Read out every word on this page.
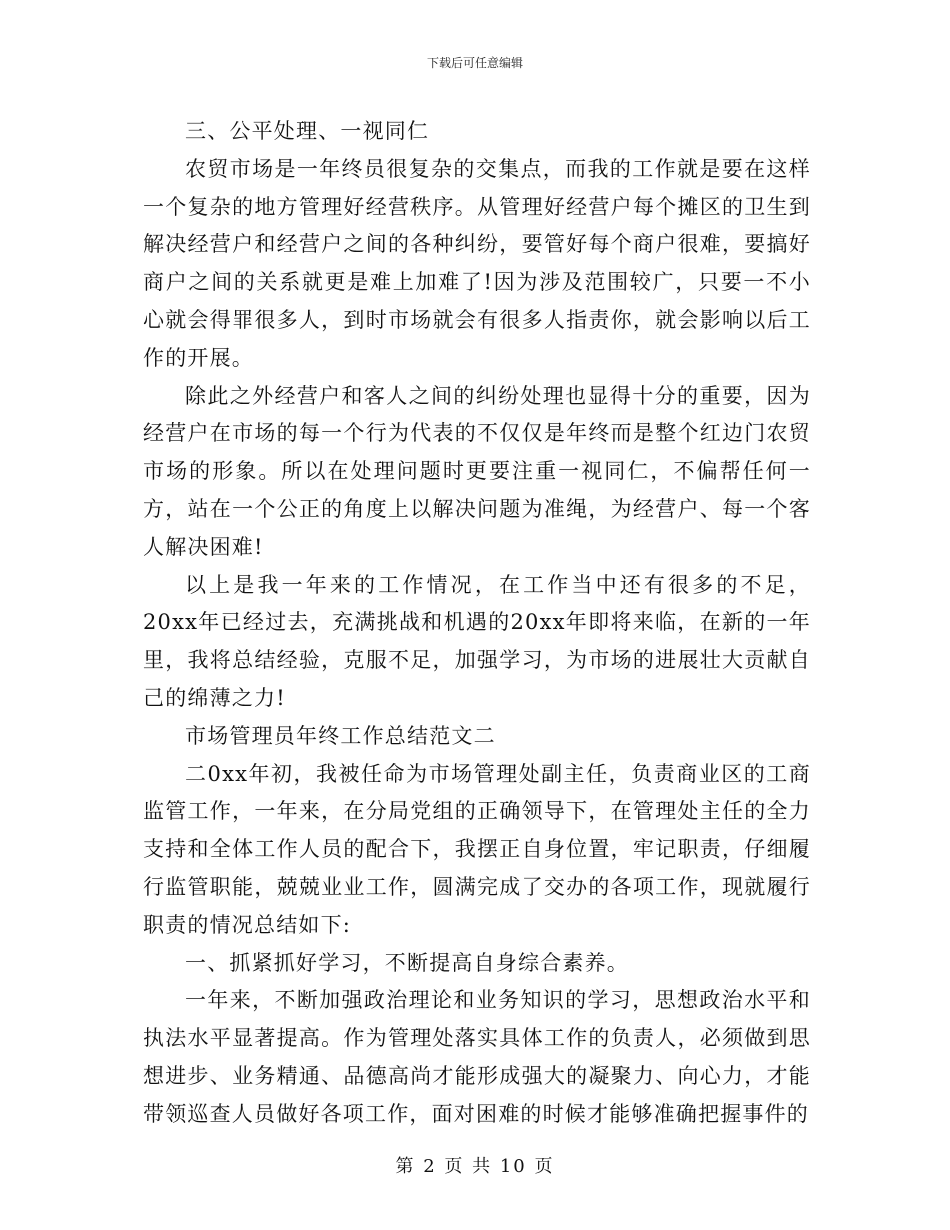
下载后可任意编辑

三、公平处理、一视同仁

农贸市场是一年终员很复杂的交集点，而我的工作就是要在这样一个复杂的地方管理好经营秩序。从管理好经营户每个摊区的卫生到解决经营户和经营户之间的各种纠纷，要管好每个商户很难，要搞好商户之间的关系就更是难上加难了!因为涉及范围较广，只要一不小心就会得罪很多人，到时市场就会有很多人指责你，就会影响以后工作的开展。

除此之外经营户和客人之间的纠纷处理也显得十分的重要，因为经营户在市场的每一个行为代表的不仅仅是年终而是整个红边门农贸市场的形象。所以在处理问题时更要注重一视同仁，不偏帮任何一方，站在一个公正的角度上以解决问题为准绳，为经营户、每一个客人解决困难!

以上是我一年来的工作情况，在工作当中还有很多的不足，20xx年已经过去，充满挑战和机遇的20xx年即将来临，在新的一年里，我将总结经验，克服不足，加强学习，为市场的进展壮大贡献自己的绵薄之力!

市场管理员年终工作总结范文二

二0xx年初，我被任命为市场管理处副主任，负责商业区的工商监管工作，一年来，在分局党组的正确领导下，在管理处主任的全力支持和全体工作人员的配合下，我摆正自身位置，牢记职责，仔细履行监管职能，兢兢业业工作，圆满完成了交办的各项工作，现就履行职责的情况总结如下:

一、抓紧抓好学习，不断提高自身综合素养。

一年来，不断加强政治理论和业务知识的学习，思想政治水平和执法水平显著提高。作为管理处落实具体工作的负责人，必须做到思想进步、业务精通、品德高尚才能形成强大的凝聚力、向心力，才能带领巡查人员做好各项工作，面对困难的时候才能够准确把握事件的

第 2 页 共 10 页
